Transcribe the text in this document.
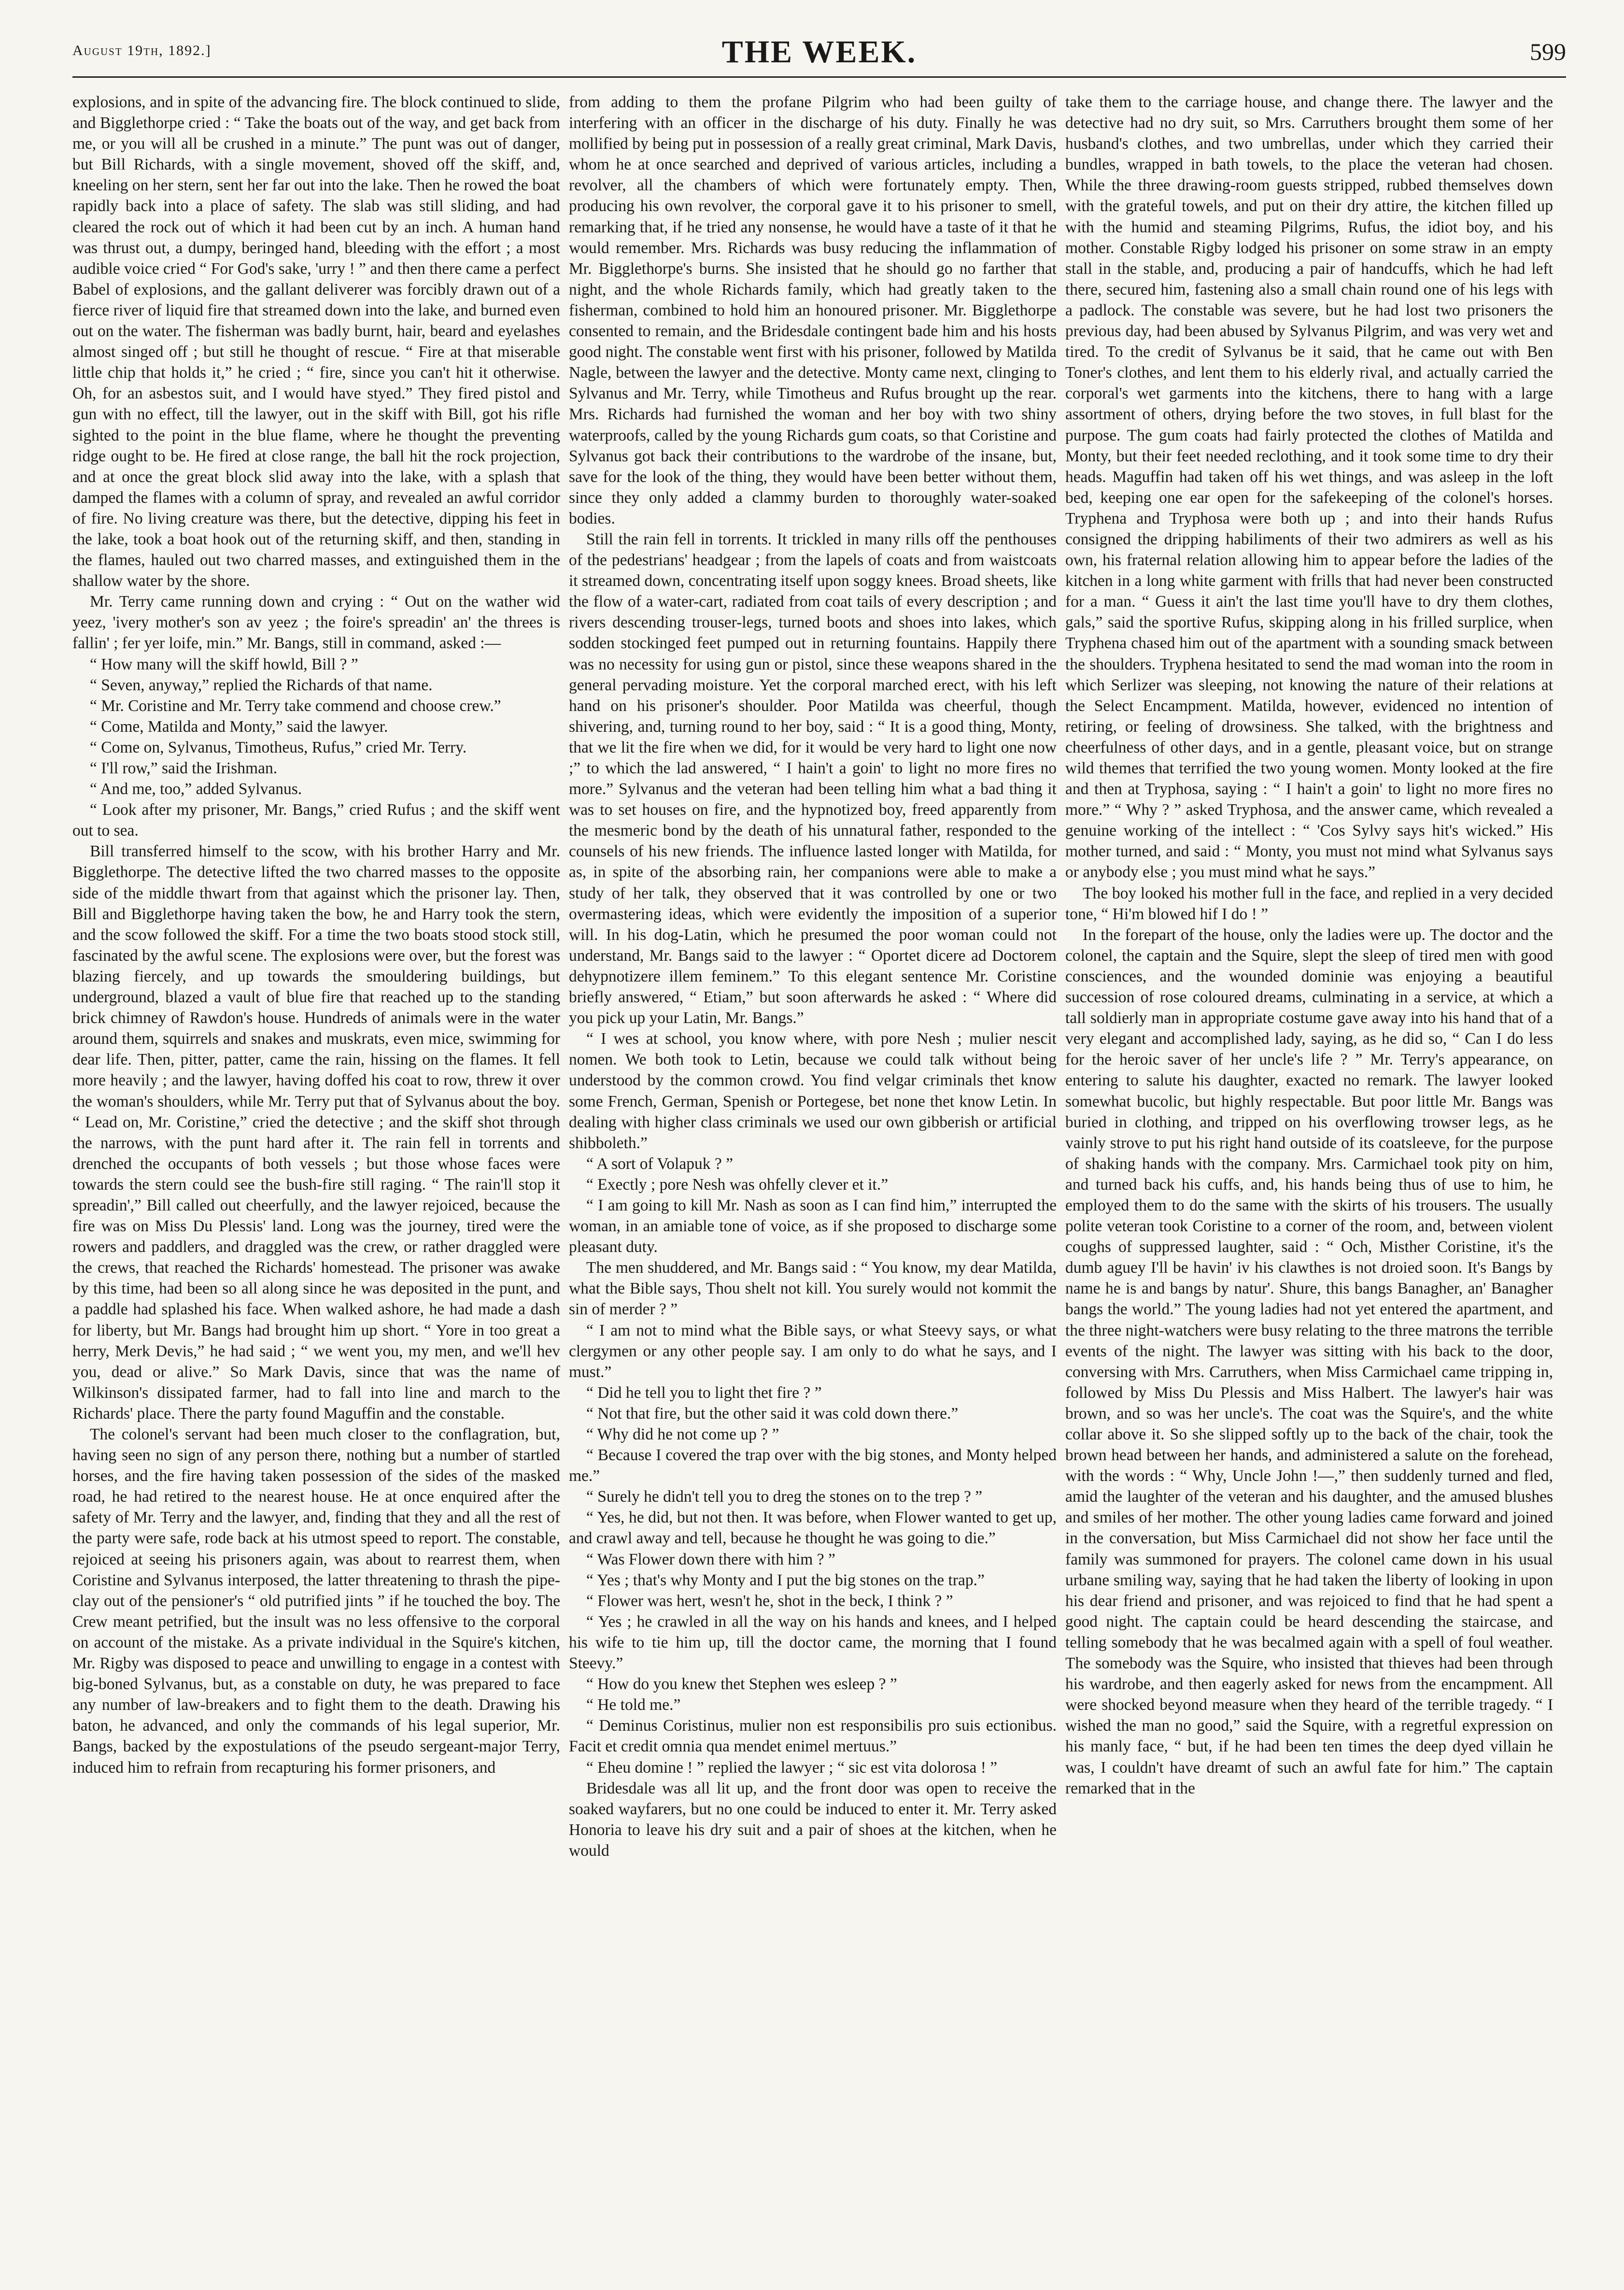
August 19th, 1892.]	THE WEEK.	599

explosions, and in spite of the advancing fire. The block continued to slide, and Bigglethorpe cried : “ Take the boats out of the way, and get back from me, or you will all be crushed in a minute.” The punt was out of danger, but Bill Richards, with a single movement, shoved off the skiff, and, kneeling on her stern, sent her far out into the lake. Then he rowed the boat rapidly back into a place of safety. The slab was still sliding, and had cleared the rock out of which it had been cut by an inch. A human hand was thrust out, a dumpy, beringed hand, bleeding with the effort ; a most audible voice cried “ For God's sake, 'urry ! ” and then there came a perfect Babel of explosions, and the gallant deliverer was forcibly drawn out of a fierce river of liquid fire that streamed down into the lake, and burned even out on the water. The fisherman was badly burnt, hair, beard and eyelashes almost singed off ; but still he thought of rescue. “ Fire at that miserable little chip that holds it,” he cried ; “ fire, since you can't hit it otherwise. Oh, for an asbestos suit, and I would have styed.” They fired pistol and gun with no effect, till the lawyer, out in the skiff with Bill, got his rifle sighted to the point in the blue flame, where he thought the preventing ridge ought to be. He fired at close range, the ball hit the rock projection, and at once the great block slid away into the lake, with a splash that damped the flames with a column of spray, and revealed an awful corridor of fire. No living creature was there, but the detective, dipping his feet in the lake, took a boat hook out of the returning skiff, and then, standing in the flames, hauled out two charred masses, and extinguished them in the shallow water by the shore.

Mr. Terry came running down and crying : “ Out on the wather wid yeez, 'ivery mother's son av yeez ; the foire's spreadin' an' the threes is fallin' ; fer yer loife, min.” Mr. Bangs, still in command, asked :—

“ How many will the skiff howld, Bill ? ”

“ Seven, anyway,” replied the Richards of that name.

“ Mr. Coristine and Mr. Terry take commend and choose crew.”

“ Come, Matilda and Monty,” said the lawyer.

“ Come on, Sylvanus, Timotheus, Rufus,” cried Mr. Terry.

“ I'll row,” said the Irishman.

“ And me, too,” added Sylvanus.

“ Look after my prisoner, Mr. Bangs,” cried Rufus ; and the skiff went out to sea.

Bill transferred himself to the scow, with his brother Harry and Mr. Bigglethorpe. The detective lifted the two charred masses to the opposite side of the middle thwart from that against which the prisoner lay. Then, Bill and Bigglethorpe having taken the bow, he and Harry took the stern, and the scow followed the skiff. For a time the two boats stood stock still, fascinated by the awful scene. The explosions were over, but the forest was blazing fiercely, and up towards the smouldering buildings, but underground, blazed a vault of blue fire that reached up to the standing brick chimney of Rawdon's house. Hundreds of animals were in the water around them, squirrels and snakes and muskrats, even mice, swimming for dear life. Then, pitter, patter, came the rain, hissing on the flames. It fell more heavily ; and the lawyer, having doffed his coat to row, threw it over the woman's shoulders, while Mr. Terry put that of Sylvanus about the boy. “ Lead on, Mr. Coristine,” cried the detective ; and the skiff shot through the narrows, with the punt hard after it. The rain fell in torrents and drenched the occupants of both vessels ; but those whose faces were towards the stern could see the bush-fire still raging. “ The rain'll stop it spreadin',” Bill called out cheerfully, and the lawyer rejoiced, because the fire was on Miss Du Plessis' land. Long was the journey, tired were the rowers and paddlers, and draggled was the crew, or rather draggled were the crews, that reached the Richards' homestead. The prisoner was awake by this time, had been so all along since he was deposited in the punt, and a paddle had splashed his face. When walked ashore, he had made a dash for liberty, but Mr. Bangs had brought him up short. “ Yore in too great a herry, Merk Devis,” he had said ; “ we went you, my men, and we'll hev you, dead or alive.” So Mark Davis, since that was the name of Wilkinson's dissipated farmer, had to fall into line and march to the Richards' place. There the party found Maguffin and the constable.

The colonel's servant had been much closer to the conflagration, but, having seen no sign of any person there, nothing but a number of startled horses, and the fire having taken possession of the sides of the masked road, he had retired to the nearest house. He at once enquired after the safety of Mr. Terry and the lawyer, and, finding that they and all the rest of the party were safe, rode back at his utmost speed to report. The constable, rejoiced at seeing his prisoners again, was about to rearrest them, when Coristine and Sylvanus interposed, the latter threatening to thrash the pipe-clay out of the pensioner's “ old putrified jints ” if he touched the boy. The Crew meant petrified, but the insult was no less offensive to the corporal on account of the mistake. As a private individual in the Squire's kitchen, Mr. Rigby was disposed to peace and unwilling to engage in a contest with big-boned Sylvanus, but, as a constable on duty, he was prepared to face any number of law-breakers and to fight them to the death. Drawing his baton, he advanced, and only the commands of his legal superior, Mr. Bangs, backed by the expostulations of the pseudo sergeant-major Terry, induced him to refrain from recapturing his former prisoners, and

from adding to them the profane Pilgrim who had been guilty of interfering with an officer in the discharge of his duty. Finally he was mollified by being put in possession of a really great criminal, Mark Davis, whom he at once searched and deprived of various articles, including a revolver, all the chambers of which were fortunately empty. Then, producing his own revolver, the corporal gave it to his prisoner to smell, remarking that, if he tried any nonsense, he would have a taste of it that he would remember. Mrs. Richards was busy reducing the inflammation of Mr. Bigglethorpe's burns. She insisted that he should go no farther that night, and the whole Richards family, which had greatly taken to the fisherman, combined to hold him an honoured prisoner. Mr. Bigglethorpe consented to remain, and the Bridesdale contingent bade him and his hosts good night. The constable went first with his prisoner, followed by Matilda Nagle, between the lawyer and the detective. Monty came next, clinging to Sylvanus and Mr. Terry, while Timotheus and Rufus brought up the rear. Mrs. Richards had furnished the woman and her boy with two shiny waterproofs, called by the young Richards gum coats, so that Coristine and Sylvanus got back their contributions to the wardrobe of the insane, but, save for the look of the thing, they would have been better without them, since they only added a clammy burden to thoroughly water-soaked bodies.

Still the rain fell in torrents. It trickled in many rills off the penthouses of the pedestrians' headgear ; from the lapels of coats and from waistcoats it streamed down, concentrating itself upon soggy knees. Broad sheets, like the flow of a water-cart, radiated from coat tails of every description ; and rivers descending trouser-legs, turned boots and shoes into lakes, which sodden stockinged feet pumped out in returning fountains. Happily there was no necessity for using gun or pistol, since these weapons shared in the general pervading moisture. Yet the corporal marched erect, with his left hand on his prisoner's shoulder. Poor Matilda was cheerful, though shivering, and, turning round to her boy, said : “ It is a good thing, Monty, that we lit the fire when we did, for it would be very hard to light one now ;” to which the lad answered, “ I hain't a goin' to light no more fires no more.” Sylvanus and the veteran had been telling him what a bad thing it was to set houses on fire, and the hypnotized boy, freed apparently from the mesmeric bond by the death of his unnatural father, responded to the counsels of his new friends. The influence lasted longer with Matilda, for as, in spite of the absorbing rain, her companions were able to make a study of her talk, they observed that it was controlled by one or two overmastering ideas, which were evidently the imposition of a superior will. In his dog-Latin, which he presumed the poor woman could not understand, Mr. Bangs said to the lawyer : “ Oportet dicere ad Doctorem dehypnotizere illem feminem.” To this elegant sentence Mr. Coristine briefly answered, “ Etiam,” but soon afterwards he asked : “ Where did you pick up your Latin, Mr. Bangs.”

“ I wes at school, you know where, with pore Nesh ; mulier nescit nomen. We both took to Letin, because we could talk without being understood by the common crowd. You find velgar criminals thet know some French, German, Spenish or Portegese, bet none thet know Letin. In dealing with higher class criminals we used our own gibberish or artificial shibboleth.”

“ A sort of Volapuk ? ”

“ Exectly ; pore Nesh was ohfelly clever et it.”

“ I am going to kill Mr. Nash as soon as I can find him,” interrupted the woman, in an amiable tone of voice, as if she proposed to discharge some pleasant duty.

The men shuddered, and Mr. Bangs said : “ You know, my dear Matilda, what the Bible says, Thou shelt not kill. You surely would not kommit the sin of merder ? ”

“ I am not to mind what the Bible says, or what Steevy says, or what clergymen or any other people say. I am only to do what he says, and I must.”

“ Did he tell you to light thet fire ? ”

“ Not that fire, but the other said it was cold down there.”

“ Why did he not come up ? ”

“ Because I covered the trap over with the big stones, and Monty helped me.”

“ Surely he didn't tell you to dreg the stones on to the trep ? ”

“ Yes, he did, but not then. It was before, when Flower wanted to get up, and crawl away and tell, because he thought he was going to die.”

“ Was Flower down there with him ? ”

“ Yes ; that's why Monty and I put the big stones on the trap.”

“ Flower was hert, wesn't he, shot in the beck, I think ? ”

“ Yes ; he crawled in all the way on his hands and knees, and I helped his wife to tie him up, till the doctor came, the morning that I found Steevy.”

“ How do you knew thet Stephen wes esleep ? ”

“ He told me.”

“ Deminus Coristinus, mulier non est responsibilis pro suis ectionibus. Facit et credit omnia qua mendet enimel mertuus.”

“ Eheu domine ! ” replied the lawyer ; “ sic est vita dolorosa ! ”

Bridesdale was all lit up, and the front door was open to receive the soaked wayfarers, but no one could be induced to enter it. Mr. Terry asked Honoria to leave his dry suit and a pair of shoes at the kitchen, when he would

take them to the carriage house, and change there. The lawyer and the detective had no dry suit, so Mrs. Carruthers brought them some of her husband's clothes, and two umbrellas, under which they carried their bundles, wrapped in bath towels, to the place the veteran had chosen. While the three drawing-room guests stripped, rubbed themselves down with the grateful towels, and put on their dry attire, the kitchen filled up with the humid and steaming Pilgrims, Rufus, the idiot boy, and his mother. Constable Rigby lodged his prisoner on some straw in an empty stall in the stable, and, producing a pair of handcuffs, which he had left there, secured him, fastening also a small chain round one of his legs with a padlock. The constable was severe, but he had lost two prisoners the previous day, had been abused by Sylvanus Pilgrim, and was very wet and tired. To the credit of Sylvanus be it said, that he came out with Ben Toner's clothes, and lent them to his elderly rival, and actually carried the corporal's wet garments into the kitchens, there to hang with a large assortment of others, drying before the two stoves, in full blast for the purpose. The gum coats had fairly protected the clothes of Matilda and Monty, but their feet needed reclothing, and it took some time to dry their heads. Maguffin had taken off his wet things, and was asleep in the loft bed, keeping one ear open for the safekeeping of the colonel's horses. Tryphena and Tryphosa were both up ; and into their hands Rufus consigned the dripping habiliments of their two admirers as well as his own, his fraternal relation allowing him to appear before the ladies of the kitchen in a long white garment with frills that had never been constructed for a man. “ Guess it ain't the last time you'll have to dry them clothes, gals,” said the sportive Rufus, skipping along in his frilled surplice, when Tryphena chased him out of the apartment with a sounding smack between the shoulders. Tryphena hesitated to send the mad woman into the room in which Serlizer was sleeping, not knowing the nature of their relations at the Select Encampment. Matilda, however, evidenced no intention of retiring, or feeling of drowsiness. She talked, with the brightness and cheerfulness of other days, and in a gentle, pleasant voice, but on strange wild themes that terrified the two young women. Monty looked at the fire and then at Tryphosa, saying : “ I hain't a goin' to light no more fires no more.” “ Why ? ” asked Tryphosa, and the answer came, which revealed a genuine working of the intellect : “ 'Cos Sylvy says hit's wicked.” His mother turned, and said : “ Monty, you must not mind what Sylvanus says or anybody else ; you must mind what he says.”

The boy looked his mother full in the face, and replied in a very decided tone, “ Hi'm blowed hif I do ! ”

In the forepart of the house, only the ladies were up. The doctor and the colonel, the captain and the Squire, slept the sleep of tired men with good consciences, and the wounded dominie was enjoying a beautiful succession of rose coloured dreams, culminating in a service, at which a tall soldierly man in appropriate costume gave away into his hand that of a very elegant and accomplished lady, saying, as he did so, “ Can I do less for the heroic saver of her uncle's life ? ” Mr. Terry's appearance, on entering to salute his daughter, exacted no remark. The lawyer looked somewhat bucolic, but highly respectable. But poor little Mr. Bangs was buried in clothing, and tripped on his overflowing trowser legs, as he vainly strove to put his right hand outside of its coatsleeve, for the purpose of shaking hands with the company. Mrs. Carmichael took pity on him, and turned back his cuffs, and, his hands being thus of use to him, he employed them to do the same with the skirts of his trousers. The usually polite veteran took Coristine to a corner of the room, and, between violent coughs of suppressed laughter, said : “ Och, Misther Coristine, it's the dumb aguey I'll be havin' iv his clawthes is not droied soon. It's Bangs by name he is and bangs by natur'. Shure, this bangs Banagher, an' Banagher bangs the world.” The young ladies had not yet entered the apartment, and the three night-watchers were busy relating to the three matrons the terrible events of the night. The lawyer was sitting with his back to the door, conversing with Mrs. Carruthers, when Miss Carmichael came tripping in, followed by Miss Du Plessis and Miss Halbert. The lawyer's hair was brown, and so was her uncle's. The coat was the Squire's, and the white collar above it. So she slipped softly up to the back of the chair, took the brown head between her hands, and administered a salute on the forehead, with the words : “ Why, Uncle John !—,” then suddenly turned and fled, amid the laughter of the veteran and his daughter, and the amused blushes and smiles of her mother. The other young ladies came forward and joined in the conversation, but Miss Carmichael did not show her face until the family was summoned for prayers. The colonel came down in his usual urbane smiling way, saying that he had taken the liberty of looking in upon his dear friend and prisoner, and was rejoiced to find that he had spent a good night. The captain could be heard descending the staircase, and telling somebody that he was becalmed again with a spell of foul weather. The somebody was the Squire, who insisted that thieves had been through his wardrobe, and then eagerly asked for news from the encampment. All were shocked beyond measure when they heard of the terrible tragedy. “ I wished the man no good,” said the Squire, with a regretful expression on his manly face, “ but, if he had been ten times the deep dyed villain he was, I couldn't have dreamt of such an awful fate for him.” The captain remarked that in the
